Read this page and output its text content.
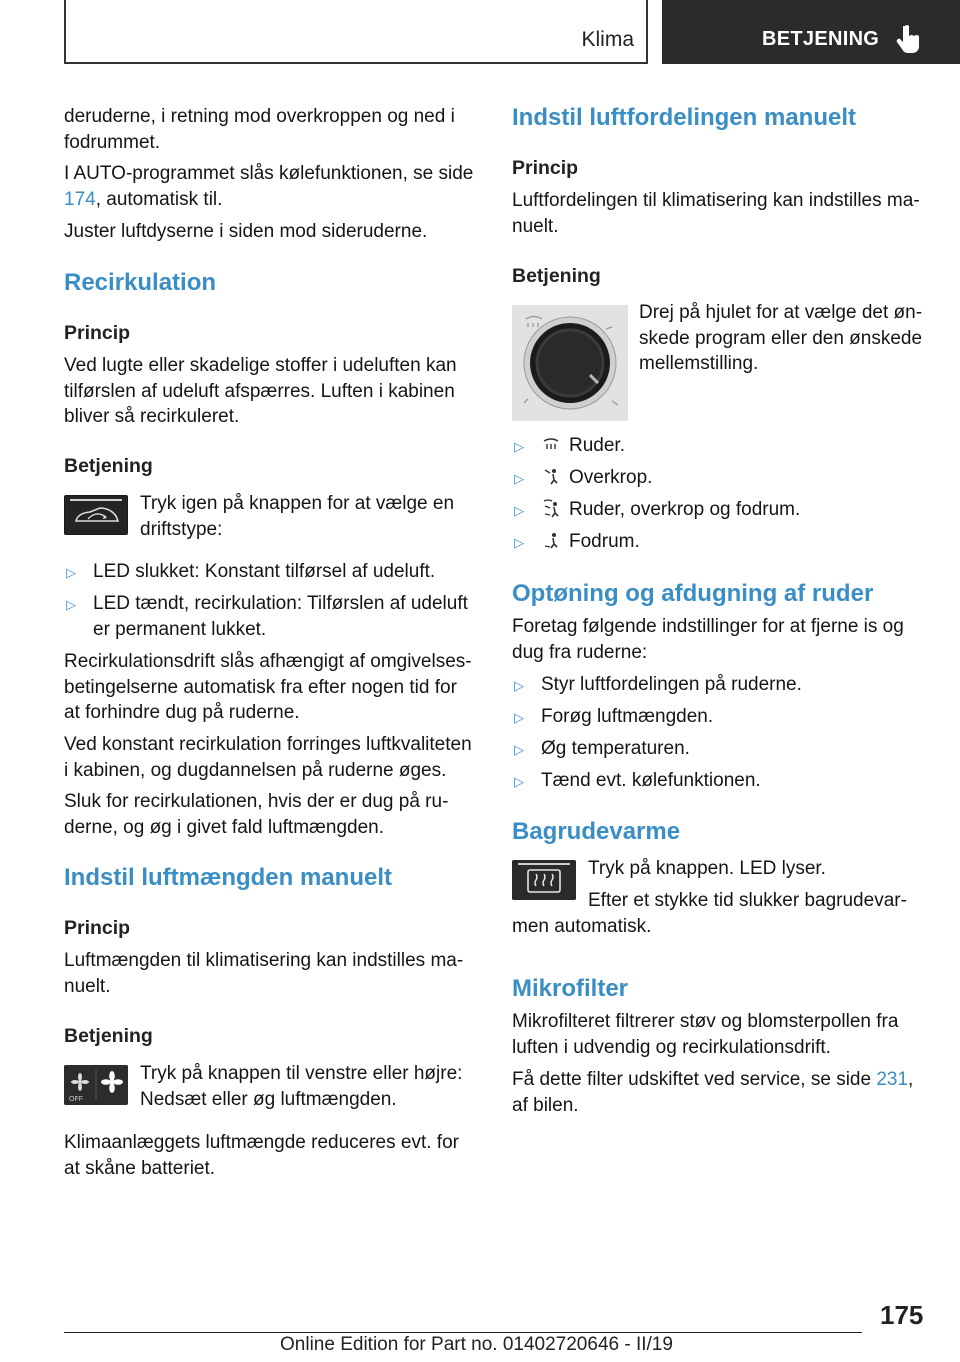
Klima	BETJENING

deruderne, i retning mod overkroppen og ned i fodrummet.

I AUTO-programmet slås kølefunktionen, se side 174, automatisk til.

Juster luftdyserne i siden mod sideruderne.

Recirkulation
Princip

Ved lugte eller skadelige stoffer i udeluften kan tilførslen af udeluft afspærres. Luften i kabinen bliver så recirkuleret.

Betjening

Tryk igen på knappen for at vælge en driftstype:

▷ LED slukket: Konstant tilførsel af udeluft.

▷ LED tændt, recirkulation: Tilførslen af udeluft er permanent lukket.

Recirkulationsdrift slås afhængigt af omgivelsesbetingelserne automatisk fra efter nogen tid for at forhindre dug på ruderne.

Ved konstant recirkulation forringes luftkvaliteten i kabinen, og dugdannelsen på ruderne øges.

Sluk for recirkulationen, hvis der er dug på ruderne, og øg i givet fald luftmængden.

Indstil luftmængden manuelt
Princip

Luftmængden til klimatisering kan indstilles manuelt.

Betjening
OFF

Tryk på knappen til venstre eller højre: Nedsæt eller øg luftmængden.

Klimaanlæggets luftmængde reduceres evt. for at skåne batteriet.

Indstil luftfordelingen manuelt
Princip

Luftfordelingen til klimatisering kan indstilles manuelt.

Betjening

Drej på hjulet for at vælge det ønskede program eller den ønskede mellemstilling.

▷ Ruder.

▷ Overkrop.

▷ Ruder, overkrop og fodrum.

▷ Fodrum.

Optøning og afdugning af ruder

Foretag følgende indstillinger for at fjerne is og dug fra ruderne:

▷ Styr luftfordelingen på ruderne.

▷ Forøg luftmængden.

▷ Øg temperaturen.

▷ Tænd evt. kølefunktionen.

Bagrudevarme

Tryk på knappen. LED lyser.

Efter et stykke tid slukker bagrudevarmen automatisk.

Mikrofilter

Mikrofilteret filtrerer støv og blomsterpollen fra luften i udvendig og recirkulationsdrift.

Få dette filter udskiftet ved service, se side 231, af bilen.

175
Online Edition for Part no. 01402720646 - II/19
